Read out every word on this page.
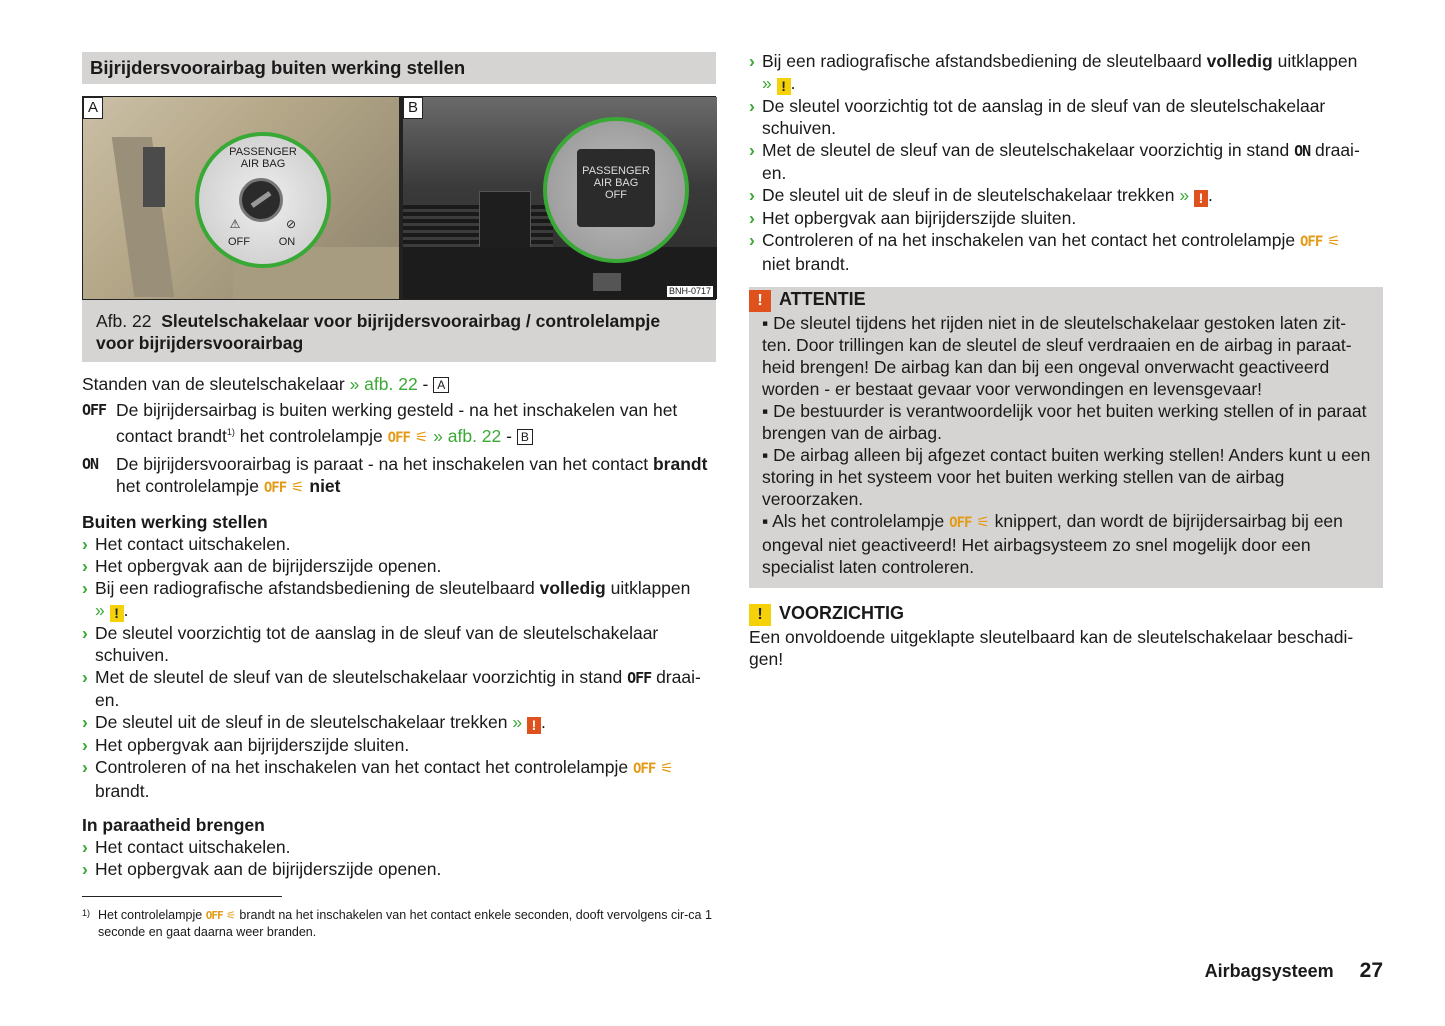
Bijrijdersvoorairbag buiten werking stellen
A
PASSENGER
AIR BAG
⚠	⊘
OFF	ON
B
PASSENGER
AIR BAG
OFF
BNH-0717
Afb. 22 Sleutelschakelaar voor bijrijdersvoorairbag / controlelampje voor bijrijdersvoorairbag

Standen van de sleutelschakelaar » afb. 22 - A

OFF De bijrijdersairbag is buiten werking gesteld - na het inschakelen van het contact brandt$^{1)}$ het controlelampje OFF ⚟ » afb. 22 - B
ON De bijrijdersvoorairbag is paraat - na het inschakelen van het contact brandt het controlelampje OFF ⚟ niet
Buiten werking stellen
› Het contact uitschakelen.
› Het opbergvak aan de bijrijderszijde openen.
› Bij een radiografische afstandsbediening de sleutelbaard volledig uitklappen
» ! .
› De sleutel voorzichtig tot de aanslag in de sleuf van de sleutelschakelaar schuiven.
› Met de sleutel de sleuf van de sleutelschakelaar voorzichtig in stand OFF draai-en.
› De sleutel uit de sleuf in de sleutelschakelaar trekken » ! .
› Het opbergvak aan bijrijderszijde sluiten.
› Controleren of na het inschakelen van het contact het controlelampje OFF ⚟
brandt.
In paraatheid brengen
› Het contact uitschakelen.
› Het opbergvak aan de bijrijderszijde openen.
› Bij een radiografische afstandsbediening de sleutelbaard volledig uitklappen
» ! .
› De sleutel voorzichtig tot de aanslag in de sleuf van de sleutelschakelaar schuiven.
› Met de sleutel de sleuf van de sleutelschakelaar voorzichtig in stand ON draai-en.
› De sleutel uit de sleuf in de sleutelschakelaar trekken » ! .
› Het opbergvak aan bijrijderszijde sluiten.
› Controleren of na het inschakelen van het contact het controlelampje OFF ⚟
niet brandt.
! ATTENTIE

▪ De sleutel tijdens het rijden niet in de sleutelschakelaar gestoken laten zit-ten. Door trillingen kan de sleutel de sleuf verdraaien en de airbag in paraat-heid brengen! De airbag kan dan bij een ongeval onverwacht geactiveerd worden - er bestaat gevaar voor verwondingen en levensgevaar!

▪ De bestuurder is verantwoordelijk voor het buiten werking stellen of in paraat brengen van de airbag.

▪ De airbag alleen bij afgezet contact buiten werking stellen! Anders kunt u een storing in het systeem voor het buiten werking stellen van de airbag veroorzaken.

▪ Als het controlelampje OFF ⚟ knippert, dan wordt de bijrijdersairbag bij een ongeval niet geactiveerd! Het airbagsysteem zo snel mogelijk door een specialist laten controleren.

! VOORZICHTIG

Een onvoldoende uitgeklapte sleutelbaard kan de sleutelschakelaar beschadi-gen!

1) Het controlelampje OFF ⚟ brandt na het inschakelen van het contact enkele seconden, dooft vervolgens cir-ca 1 seconde en gaat daarna weer branden.
Airbagsysteem 27
